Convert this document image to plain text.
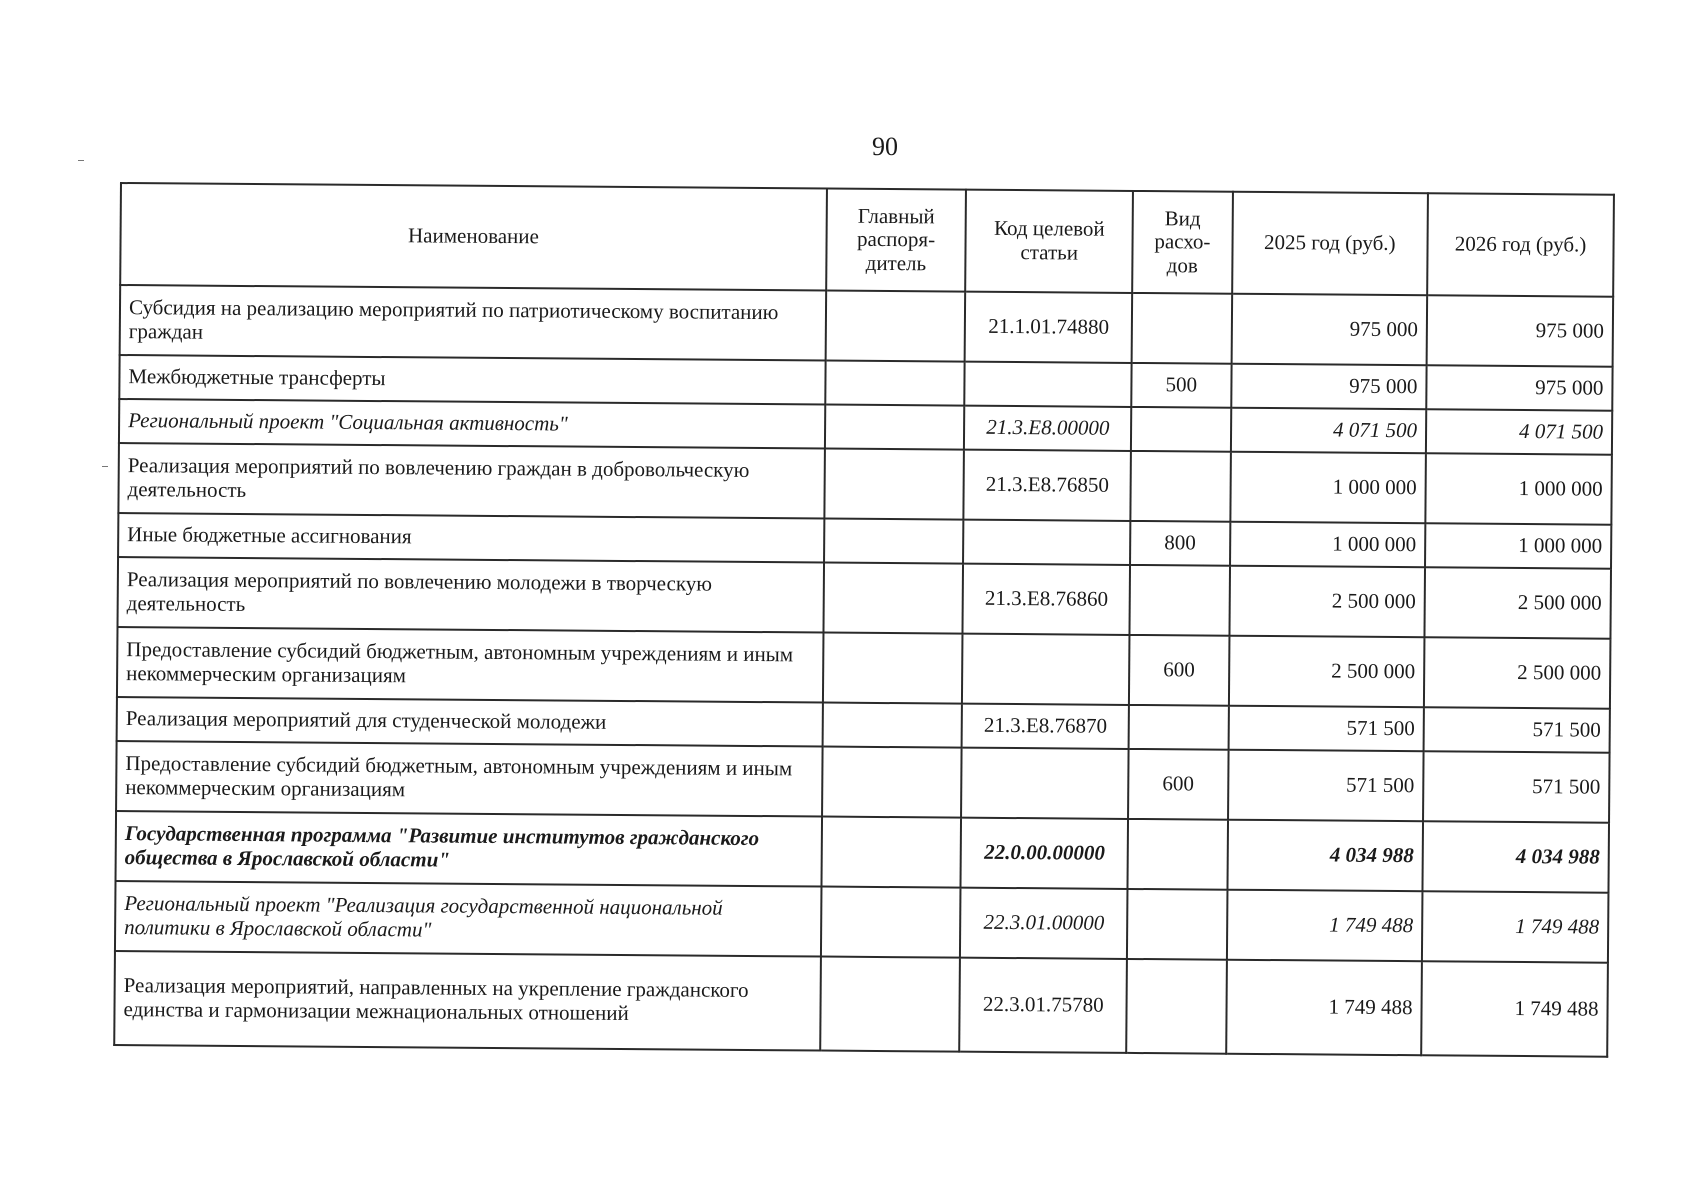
90
Наименование	Главный распоря-дитель	Код целевой статьи	Вид расхо-дов	2025 год (руб.)	2026 год (руб.)
Субсидия на реализацию мероприятий по патриотическому воспитанию граждан		21.1.01.74880		975 000	975 000
Межбюджетные трансферты			500	975 000	975 000
Региональный проект "Социальная активность"		21.3.E8.00000		4 071 500	4 071 500
Реализация мероприятий по вовлечению граждан в добровольческую деятельность		21.3.E8.76850		1 000 000	1 000 000
Иные бюджетные ассигнования			800	1 000 000	1 000 000
Реализация мероприятий по вовлечению молодежи в творческую деятельность		21.3.E8.76860		2 500 000	2 500 000
Предоставление субсидий бюджетным, автономным учреждениям и иным некоммерческим организациям			600	2 500 000	2 500 000
Реализация мероприятий для студенческой молодежи		21.3.E8.76870		571 500	571 500
Предоставление субсидий бюджетным, автономным учреждениям и иным некоммерческим организациям			600	571 500	571 500
Государственная программа "Развитие институтов гражданского общества в Ярославской области"		22.0.00.00000		4 034 988	4 034 988
Региональный проект "Реализация государственной национальной политики в Ярославской области"		22.3.01.00000		1 749 488	1 749 488
Реализация мероприятий, направленных на укрепление гражданского единства и гармонизации межнациональных отношений		22.3.01.75780		1 749 488	1 749 488
